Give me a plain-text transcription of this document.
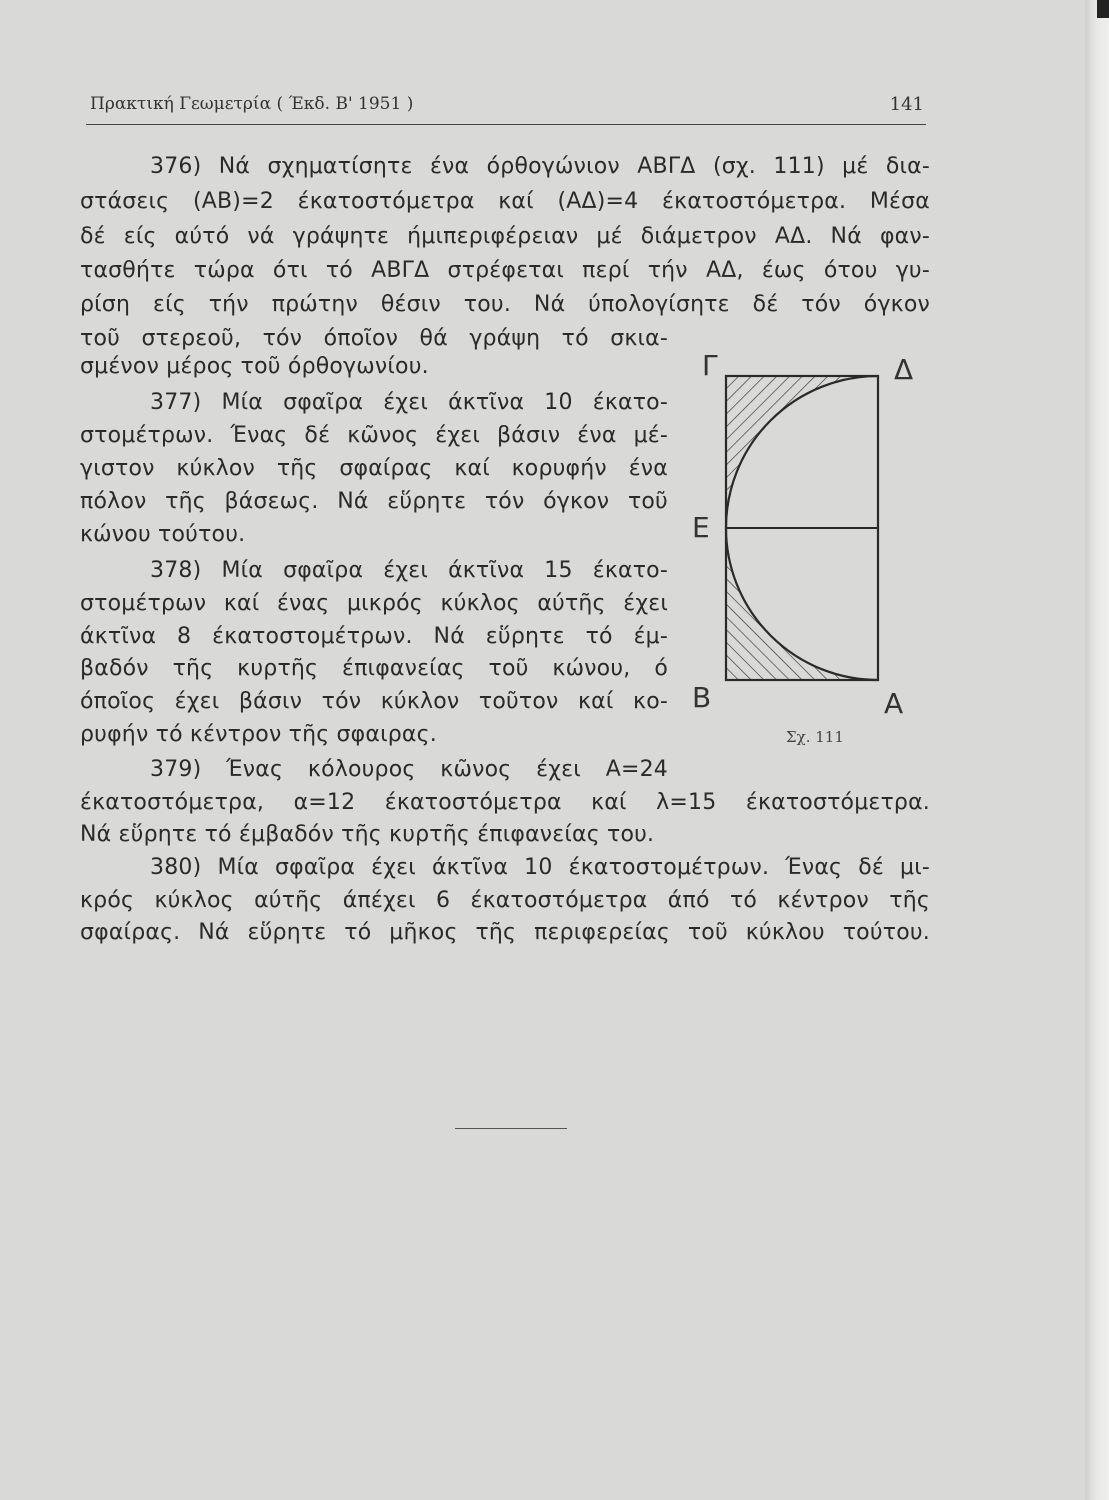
Πρακτική Γεωμετρία ( Έκδ. Β' 1951 )	141
376) Νά σχηματίσητε ένα όρθογώνιον ΑΒΓΔ (σχ. 111) μέ δια-
στάσεις (ΑΒ)=2 έκατοστόμετρα καί (ΑΔ)=4 έκατοστόμετρα. Μέσα
δέ είς αύτό νά γράψητε ήμιπεριφέρειαν μέ διάμετρον ΑΔ. Νά φαν-
τασθήτε τώρα ότι τό ΑΒΓΔ στρέφεται περί τήν ΑΔ, έως ότου γυ-
ρίση είς τήν πρώτην θέσιν του. Νά ύπολογίσητε δέ τόν όγκον
τοῦ στερεοῦ, τόν όποῖον θά γράψη τό σκια-
σμένον μέρος τοῦ όρθογωνίου.
377) Μία σφαῖρα έχει άκτῖνα 10 έκατο-
στομέτρων. Ένας δέ κῶνος έχει βάσιν ένα μέ-
γιστον κύκλον τῆς σφαίρας καί κορυφήν ένα
πόλον τῆς βάσεως. Νά εὕρητε τόν όγκον τοῦ
κώνου τούτου.
378) Μία σφαῖρα έχει άκτῖνα 15 έκατο-
στομέτρων καί ένας μικρός κύκλος αύτῆς έχει
άκτῖνα 8 έκατοστομέτρων. Νά εὕρητε τό έμ-
βαδόν τῆς κυρτῆς έπιφανείας τοῦ κώνου, ό
όποῖος έχει βάσιν τόν κύκλον τοῦτον καί κο-
ρυφήν τό κέντρον τῆς σφαιρας.
379) Ένας κόλουρος κῶνος έχει Α=24
έκατοστόμετρα, α=12 έκατοστόμετρα καί λ=15 έκατοστόμετρα.
Νά εὕρητε τό έμβαδόν τῆς κυρτῆς έπιφανείας του.
380) Μία σφαῖρα έχει άκτῖνα 10 έκατοστομέτρων. Ένας δέ μι-
κρός κύκλος αύτῆς άπέχει 6 έκατοστόμετρα άπό τό κέντρον τῆς
σφαίρας. Νά εὕρητε τό μῆκος τῆς περιφερείας τοῦ κύκλου τούτου.
Γ	Δ
Ε
Β	Α
Σχ. 111
